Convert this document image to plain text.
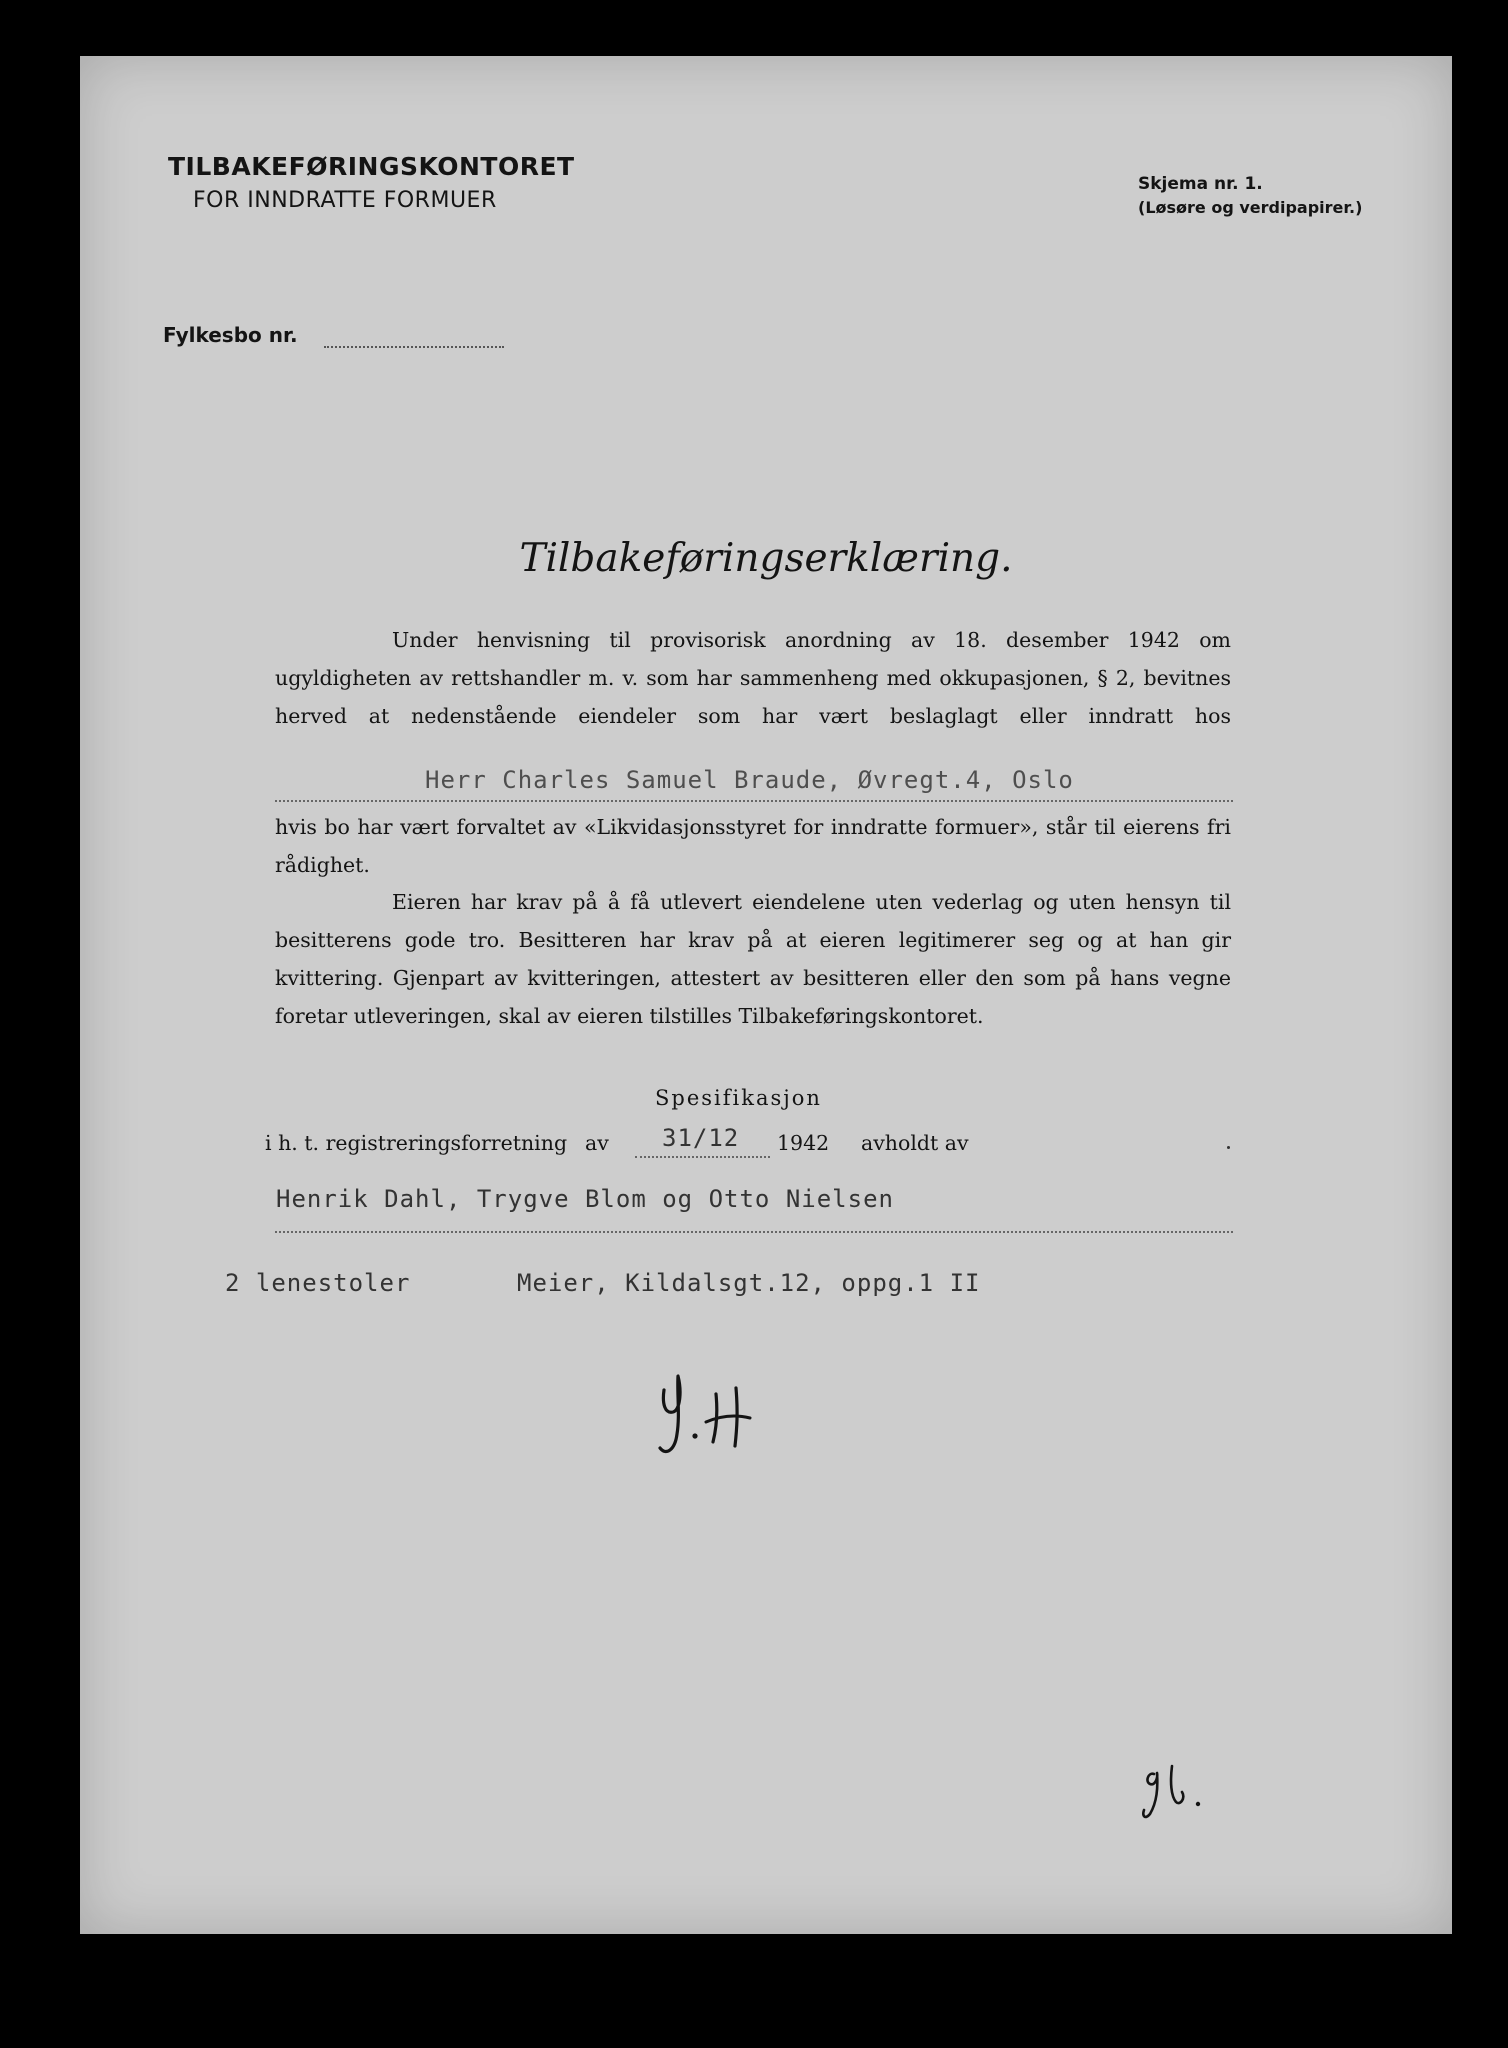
TILBAKEFØRINGSKONTORET
FOR INNDRATTE FORMUER
Skjema nr. 1.
(Løsøre og verdipapirer.)
Fylkesbo nr.
Tilbakeføringserklæring.
Under henvisning til provisorisk anordning av 18. desember 1942 om ugyldigheten av rettshandler m. v. som har sammenheng med okkupasjonen, § 2, bevitnes herved at nedenstående eiendeler som har vært beslaglagt eller inndratt hos
Herr Charles Samuel Braude, Øvregt.4, Oslo
hvis bo har vært forvaltet av «Likvidasjonsstyret for inndratte formuer», står til eierens fri rådighet.
Eieren har krav på å få utlevert eiendelene uten vederlag og uten hensyn til besitterens gode tro. Besitteren har krav på at eieren legitimerer seg og at han gir kvittering. Gjenpart av kvitteringen, attestert av besitteren eller den som på hans vegne foretar utleveringen, skal av eieren tilstilles Tilbakeføringskontoret.
Spesifikasjon
i h. t. registreringsforretning av 31/12 1942 avholdt av
Henrik Dahl, Trygve Blom og Otto Nielsen
2 lenestoler	Meier, Kildalsgt.12, oppg.1 II
